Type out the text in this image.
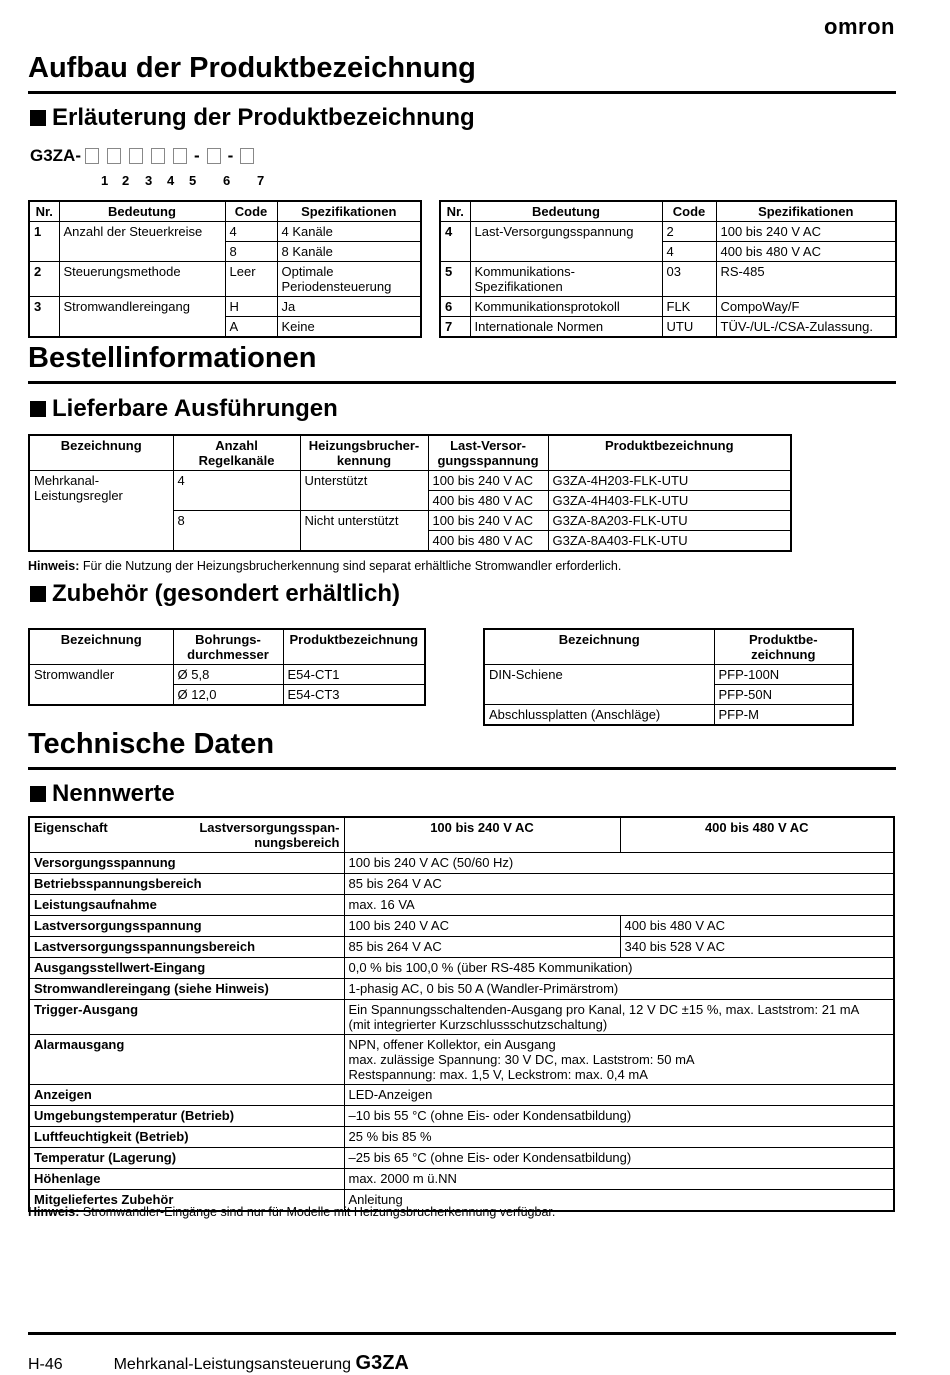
omron
Aufbau der Produktbezeichnung
Erläuterung der Produktbezeichnung
G3ZA-	- -
1 2 3 4 5 6 7
Nr.	Bedeutung	Code	Spezifikationen
1	Anzahl der Steuerkreise	4	4 Kanäle
		8	8 Kanäle
2	Steuerungsmethode	Leer	Optimale Periodensteuerung
3	Stromwandlereingang	H	Ja
		A	Keine
Nr.	Bedeutung	Code	Spezifikationen
4	Last-Versorgungsspannung	2	100 bis 240 V AC
		4	400 bis 480 V AC
5	Kommunikations-Spezifikationen	03	RS-485
6	Kommunikationsprotokoll	FLK	CompoWay/F
7	Internationale Normen	UTU	TÜV-/UL-/CSA-Zulassung.
Bestellinformationen
Lieferbare Ausführungen
Bezeichnung	Anzahl Regelkanäle	Heizungsbrucher-kennung	Last-Versor-gungsspannung	Produktbezeichnung
Mehrkanal-Leistungsregler	4	Unterstützt	100 bis 240 V AC	G3ZA-4H203-FLK-UTU
			400 bis 480 V AC	G3ZA-4H403-FLK-UTU
	8	Nicht unterstützt	100 bis 240 V AC	G3ZA-8A203-FLK-UTU
			400 bis 480 V AC	G3ZA-8A403-FLK-UTU
Hinweis: Für die Nutzung der Heizungsbrucherkennung sind separat erhältliche Stromwandler erforderlich.
Zubehör (gesondert erhältlich)
Bezeichnung	Bohrungs-durchmesser	Produktbezeichnung
Stromwandler	Ø 5,8	E54-CT1
	Ø 12,0	E54-CT3
Bezeichnung	Produktbe-zeichnung
DIN-Schiene	PFP-100N
	PFP-50N
Abschlussplatten (Anschläge)	PFP-M
Technische Daten
Nennwerte
Eigenschaft Lastversorgungsspan-nungsbereich	100 bis 240 V AC	400 bis 480 V AC
Versorgungsspannung	100 bis 240 V AC (50/60 Hz)	
Betriebsspannungsbereich	85 bis 264 V AC	
Leistungsaufnahme	max. 16 VA	
Lastversorgungsspannung	100 bis 240 V AC	400 bis 480 V AC
Lastversorgungsspannungsbereich	85 bis 264 V AC	340 bis 528 V AC
Ausgangsstellwert-Eingang	0,0 % bis 100,0 % (über RS-485 Kommunikation)	
Stromwandlereingang (siehe Hinweis)	1-phasig AC, 0 bis 50 A (Wandler-Primärstrom)	
Trigger-Ausgang	Ein Spannungsschaltenden-Ausgang pro Kanal, 12 V DC ±15 %, max. Laststrom: 21 mA
(mit integrierter Kurzschlussschutzschaltung)	
Alarmausgang	NPN, offener Kollektor, ein Ausgang
max. zulässige Spannung: 30 V DC, max. Laststrom: 50 mA
Restspannung: max. 1,5 V, Leckstrom: max. 0,4 mA	
Anzeigen	LED-Anzeigen	
Umgebungstemperatur (Betrieb)	–10 bis 55 °C (ohne Eis- oder Kondensatbildung)	
Luftfeuchtigkeit (Betrieb)	25 % bis 85 %	
Temperatur (Lagerung)	–25 bis 65 °C (ohne Eis- oder Kondensatbildung)	
Höhenlage	max. 2000 m ü.NN	
Mitgeliefertes Zubehör	Anleitung	
Hinweis: Stromwandler-Eingänge sind nur für Modelle mit Heizungsbrucherkennung verfügbar.
H-46	Mehrkanal-Leistungsansteuerung G3ZA
